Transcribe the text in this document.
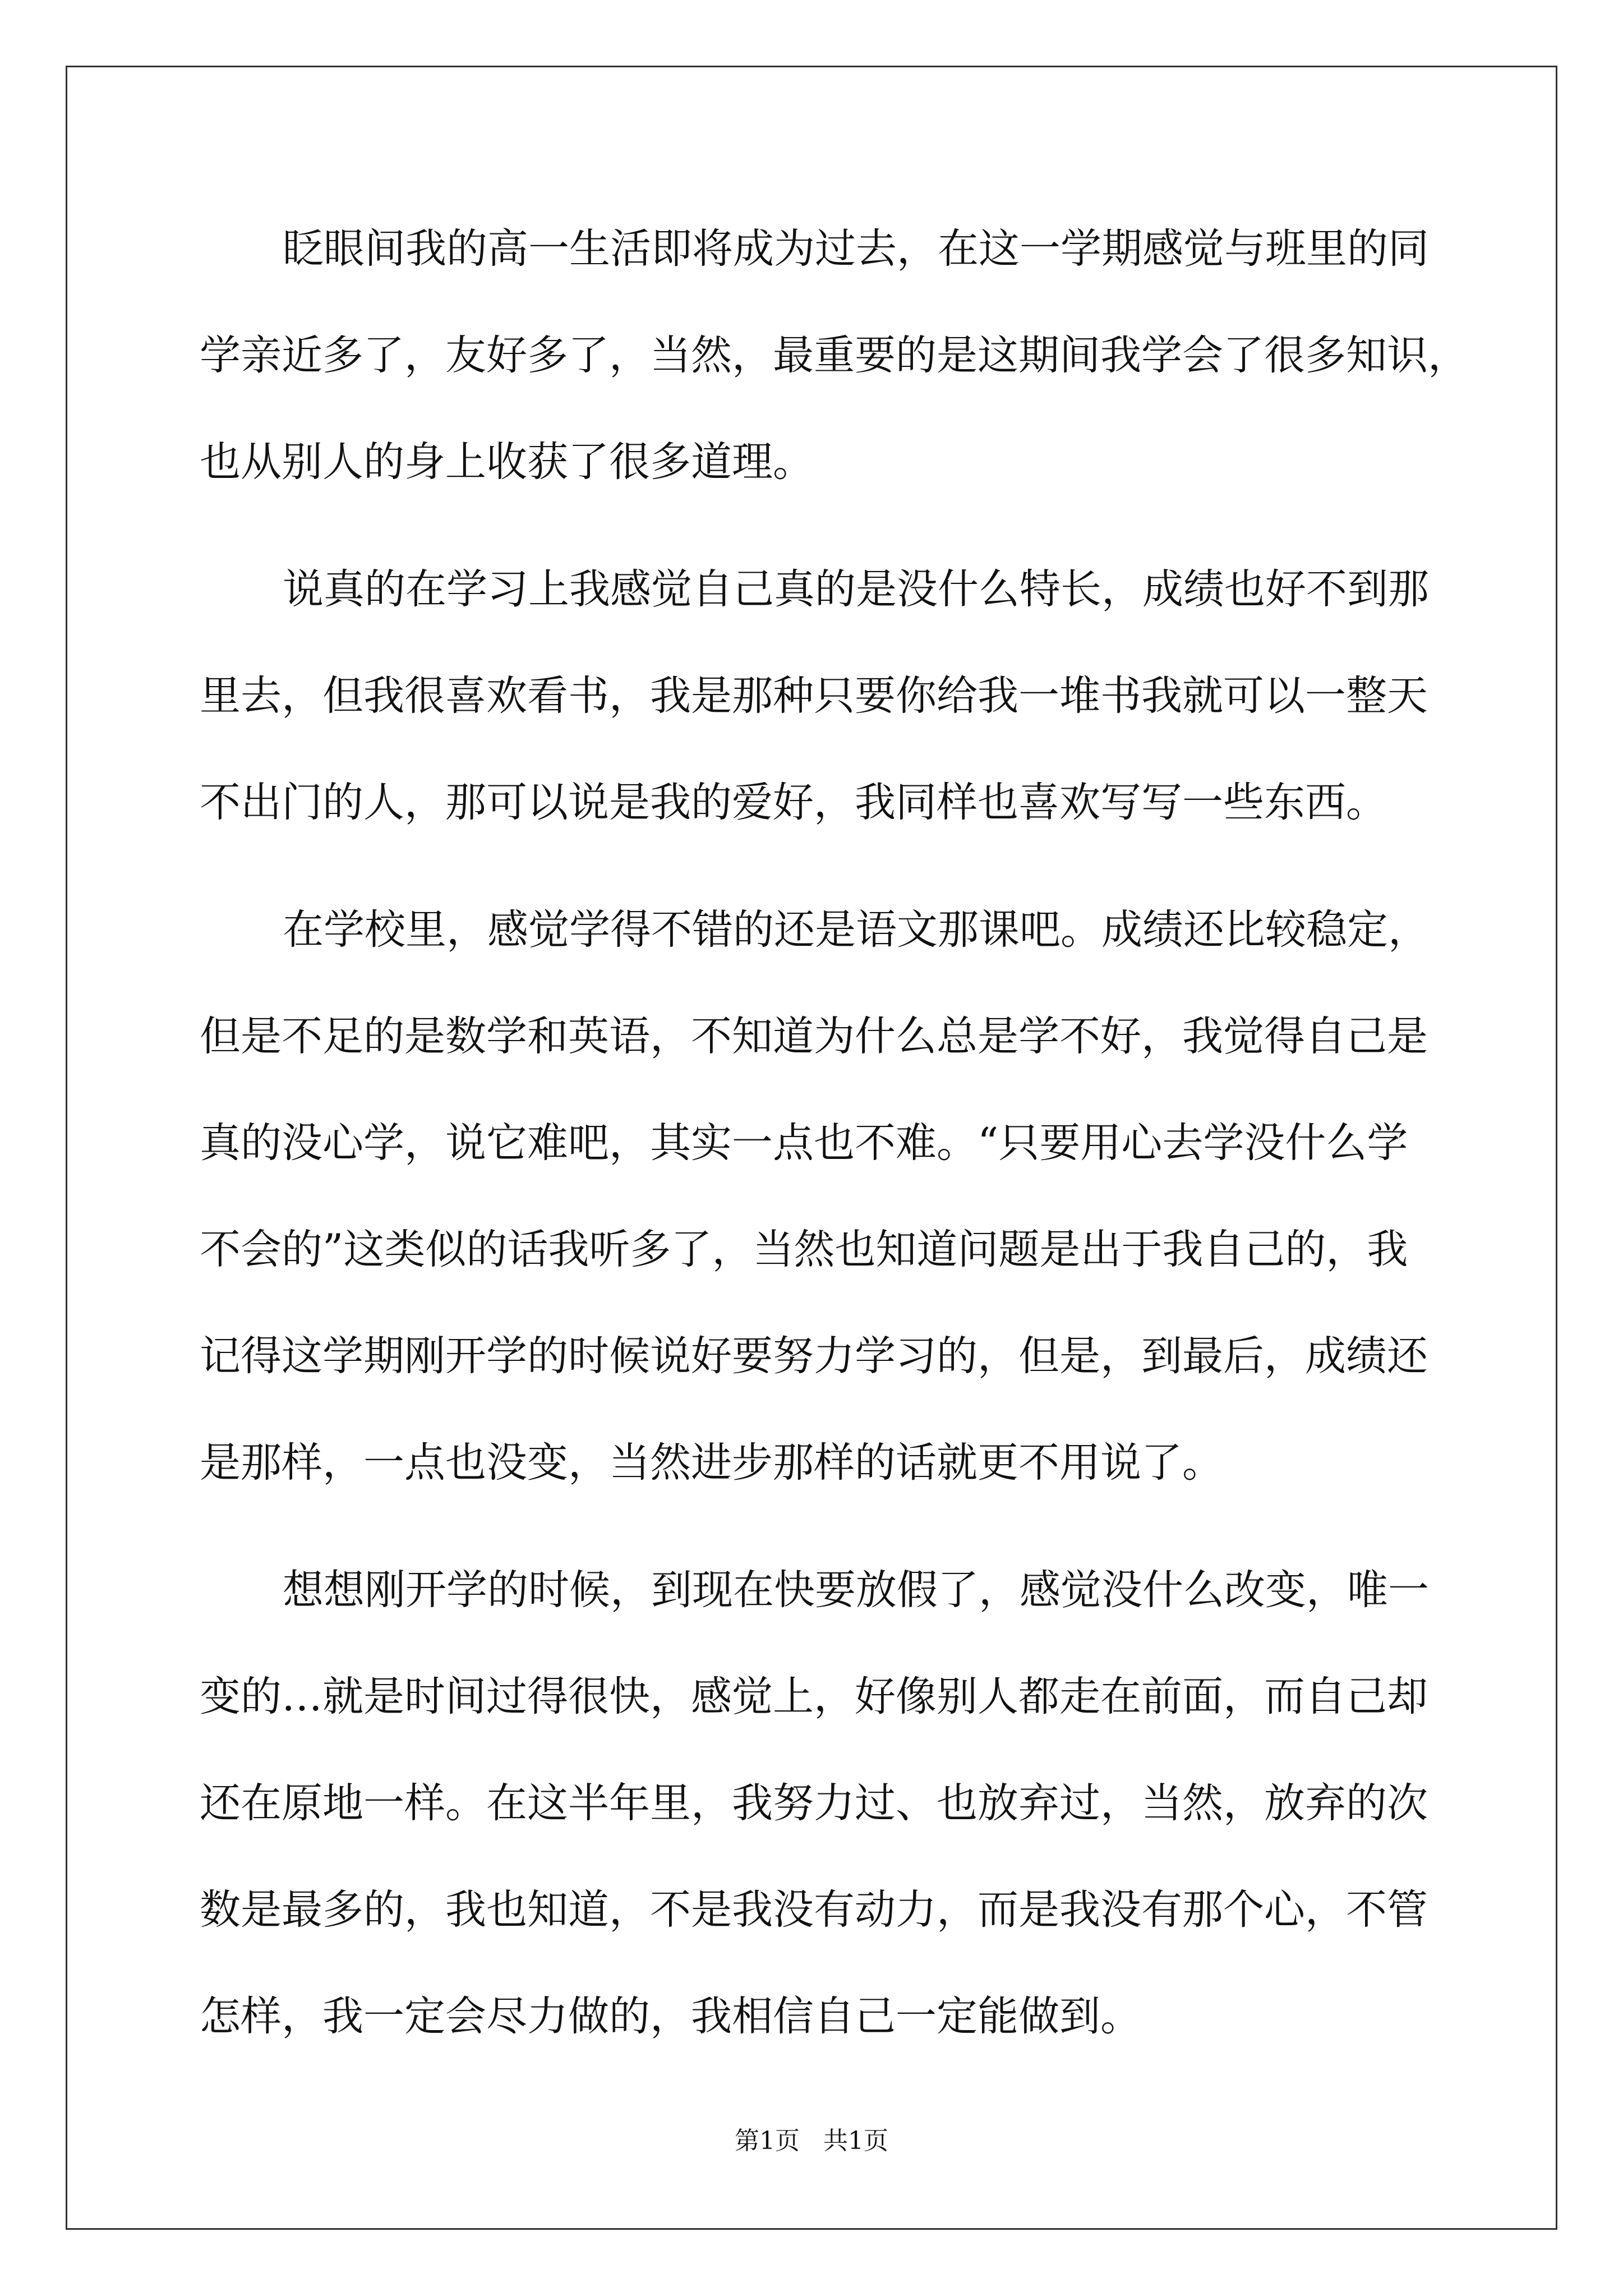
眨眼间我的高一生活即将成为过去，在这一学期感觉与班里的同
学亲近多了，友好多了，当然，最重要的是这期间我学会了很多知识，
也从别人的身上收获了很多道理。
说真的在学习上我感觉自己真的是没什么特长，成绩也好不到那
里去，但我很喜欢看书，我是那种只要你给我一堆书我就可以一整天
不出门的人，那可以说是我的爱好，我同样也喜欢写写一些东西。
在学校里，感觉学得不错的还是语文那课吧。成绩还比较稳定，
但是不足的是数学和英语，不知道为什么总是学不好，我觉得自己是
真的没心学，说它难吧，其实一点也不难。“只要用心去学没什么学
不会的”这类似的话我听多了，当然也知道问题是出于我自己的，我
记得这学期刚开学的时候说好要努力学习的，但是，到最后，成绩还
是那样，一点也没变，当然进步那样的话就更不用说了。
想想刚开学的时候，到现在快要放假了，感觉没什么改变，唯一
变的…就是时间过得很快，感觉上，好像别人都走在前面，而自己却
还在原地一样。在这半年里，我努力过、也放弃过，当然，放弃的次
数是最多的，我也知道，不是我没有动力，而是我没有那个心，不管
怎样，我一定会尽力做的，我相信自己一定能做到。
第1页 共1页
